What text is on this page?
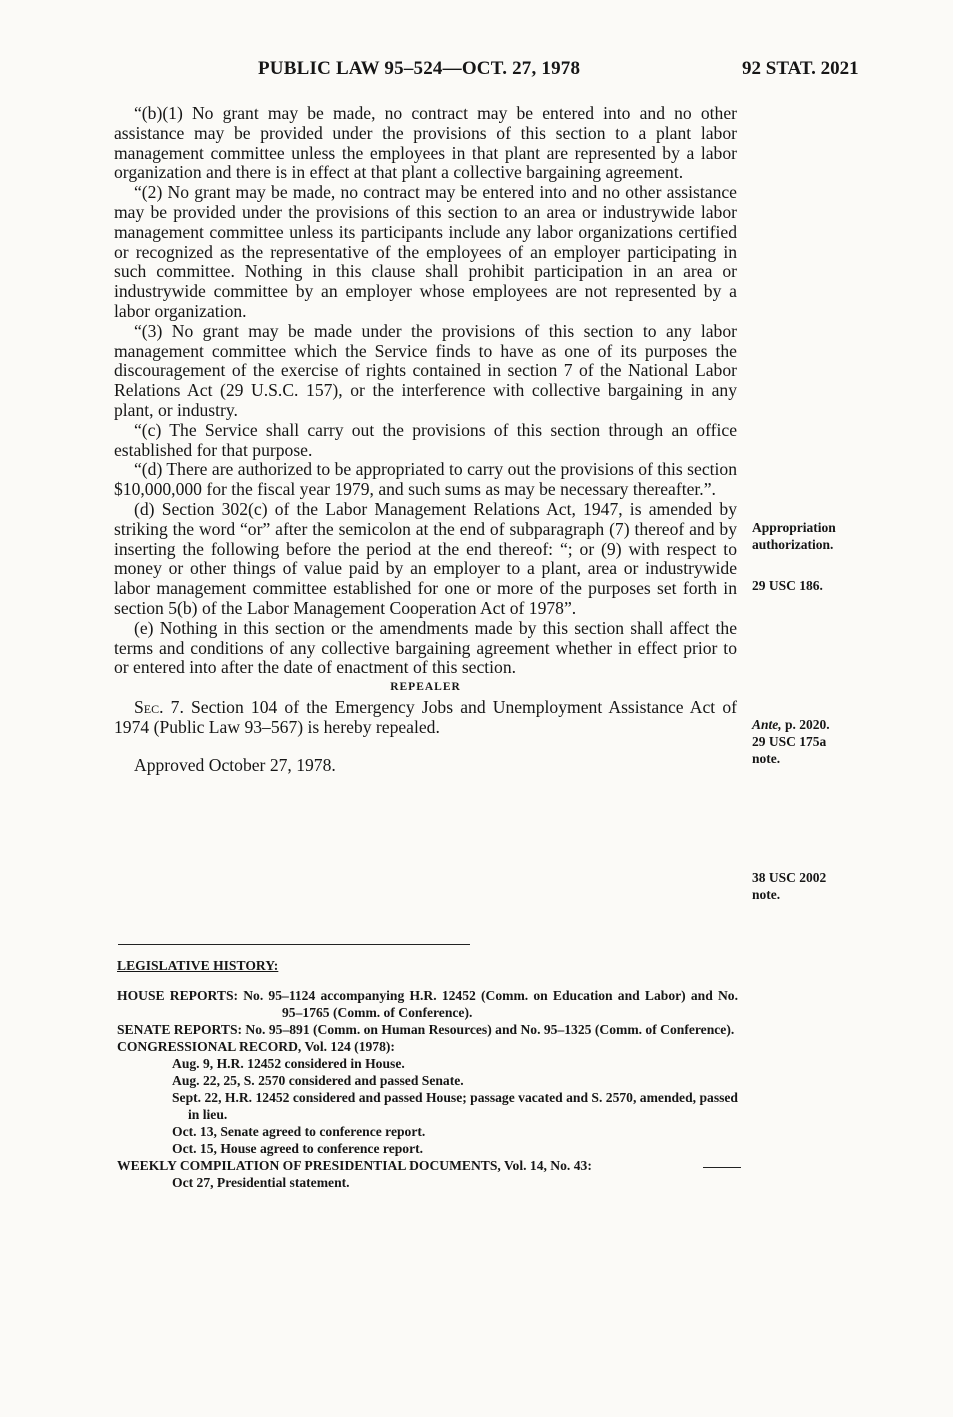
PUBLIC LAW 95–524—OCT. 27, 1978	92 STAT. 2021

“(b)(1) No grant may be made, no contract may be entered into and no other assistance may be provided under the provisions of this section to a plant labor management committee unless the employees in that plant are represented by a labor organization and there is in effect at that plant a collective bargaining agreement.

“(2) No grant may be made, no contract may be entered into and no other assistance may be provided under the provisions of this section to an area or industrywide labor management committee unless its participants include any labor organizations certified or recognized as the representative of the employees of an employer participating in such committee. Nothing in this clause shall prohibit participation in an area or industrywide committee by an employer whose employees are not represented by a labor organization.

“(3) No grant may be made under the provisions of this section to any labor management committee which the Service finds to have as one of its purposes the discouragement of the exercise of rights contained in section 7 of the National Labor Relations Act (29 U.S.C. 157), or the interference with collective bargaining in any plant, or industry.

“(c) The Service shall carry out the provisions of this section through an office established for that purpose.

“(d) There are authorized to be appropriated to carry out the provisions of this section $10,000,000 for the fiscal year 1979, and such sums as may be necessary thereafter.”.

(d) Section 302(c) of the Labor Management Relations Act, 1947, is amended by striking the word “or” after the semicolon at the end of subparagraph (7) thereof and by inserting the following before the period at the end thereof: “; or (9) with respect to money or other things of value paid by an employer to a plant, area or industrywide labor management committee established for one or more of the purposes set forth in section 5(b) of the Labor Management Cooperation Act of 1978”.

(e) Nothing in this section or the amendments made by this section shall affect the terms and conditions of any collective bargaining agreement whether in effect prior to or entered into after the date of enactment of this section.

REPEALER

Sec. 7. Section 104 of the Emergency Jobs and Unemployment Assistance Act of 1974 (Public Law 93–567) is hereby repealed.

Approved October 27, 1978.

Appropriation
authorization.
29 USC 186.
Ante, p. 2020.
29 USC 175a
note.
38 USC 2002
note.
LEGISLATIVE HISTORY:
HOUSE REPORTS: No. 95–1124 accompanying H.R. 12452 (Comm. on Education and Labor) and No. 95–1765 (Comm. of Conference).
SENATE REPORTS: No. 95–891 (Comm. on Human Resources) and No. 95–1325 (Comm. of Conference).
CONGRESSIONAL RECORD, Vol. 124 (1978):
Aug. 9, H.R. 12452 considered in House.
Aug. 22, 25, S. 2570 considered and passed Senate.
Sept. 22, H.R. 12452 considered and passed House; passage vacated and S. 2570, amended, passed in lieu.
Oct. 13, Senate agreed to conference report.
Oct. 15, House agreed to conference report.
WEEKLY COMPILATION OF PRESIDENTIAL DOCUMENTS, Vol. 14, No. 43:
Oct 27, Presidential statement.
